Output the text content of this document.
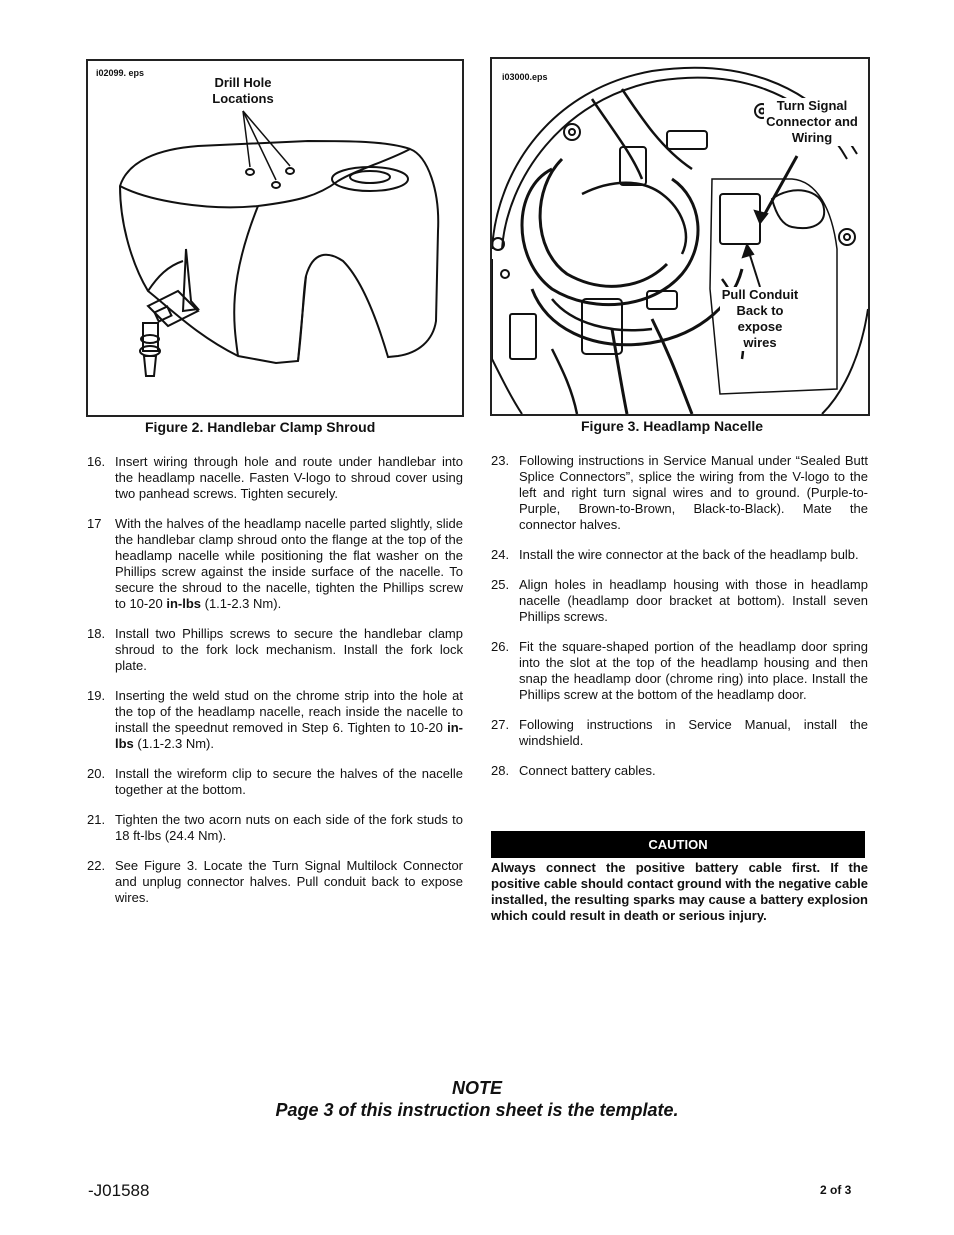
i02099. eps
Drill Hole Locations
Figure 2. Handlebar Clamp Shroud
i03000.eps
Turn Signal Connector and Wiring
Pull Conduit Back to expose wires
Figure 3. Headlamp Nacelle
16. Insert wiring through hole and route under handlebar into the headlamp nacelle. Fasten V-logo to shroud cover using two panhead screws. Tighten securely.
17	With the halves of the headlamp nacelle parted slightly, slide the handlebar clamp shroud onto the flange at the top of the headlamp nacelle while positioning the flat washer on the Phillips screw against the inside surface of the nacelle. To secure the shroud to the nacelle, tighten the Phillips screw to 10-20 in-lbs (1.1-2.3 Nm).
18. Install two Phillips screws to secure the handlebar clamp shroud to the fork lock mechanism. Install the fork lock plate.
19. Inserting the weld stud on the chrome strip into the hole at the top of the headlamp nacelle, reach inside the nacelle to install the speednut removed in Step 6. Tighten to 10-20 in-lbs (1.1-2.3 Nm).
20. Install the wireform clip to secure the halves of the nacelle together at the bottom.
21. Tighten the two acorn nuts on each side of the fork studs to 18 ft-lbs (24.4 Nm).
22. See Figure 3. Locate the Turn Signal Multilock Connector and unplug connector halves. Pull conduit back to expose wires.
23. Following instructions in Service Manual under “Sealed Butt Splice Connectors”, splice the wiring from the V-logo to the left and right turn signal wires and to ground. (Purple-to-Purple, Brown-to-Brown, Black-to-Black). Mate the connector halves.
24. Install the wire connector at the back of the headlamp bulb.
25. Align holes in headlamp housing with those in headlamp nacelle (headlamp door bracket at bottom). Install seven Phillips screws.
26. Fit the square-shaped portion of the headlamp door spring into the slot at the top of the headlamp housing and then snap the headlamp door (chrome ring) into place. Install the Phillips screw at the bottom of the headlamp door.
27. Following instructions in Service Manual, install the windshield.
28. Connect battery cables.
CAUTION
Always connect the positive battery cable first. If the positive cable should contact ground with the negative cable installed, the resulting sparks may cause a battery explosion which could result in death or serious injury.
NOTE
Page 3 of this instruction sheet is the template.
-J01588	2 of 3
